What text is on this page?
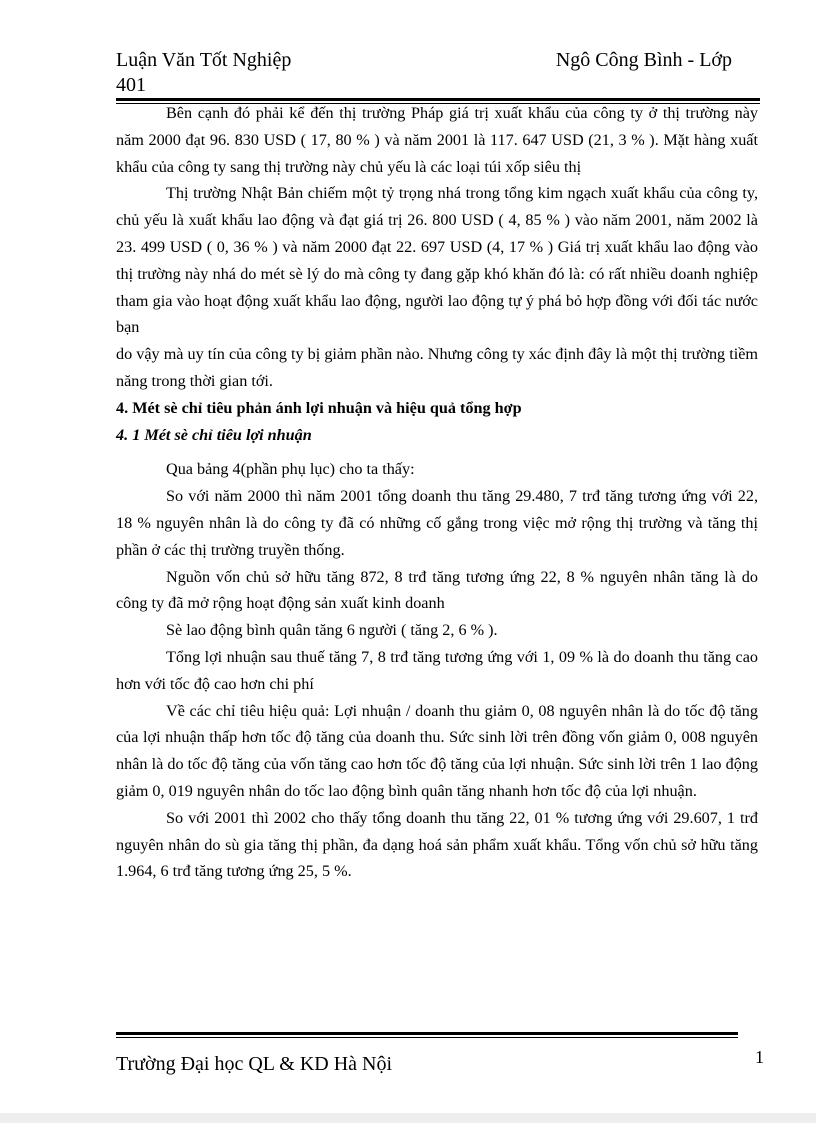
Luận Văn Tốt Nghiệp	Ngô Công Bình - Lớp
401

Bên cạnh đó phải kể đến thị trường Pháp giá trị xuất khẩu của công ty ở thị trường này năm 2000 đạt 96. 830 USD ( 17, 80 % ) và năm 2001 là 117. 647 USD (21, 3 % ). Mặt hàng xuất khẩu của công ty sang thị trường này chủ yếu là các loại túi xốp siêu thị

Thị trường Nhật Bản chiếm một tỷ trọng nhá trong tổng kim ngạch xuất khẩu của công ty, chủ yếu là xuất khẩu lao động và đạt giá trị 26. 800 USD ( 4, 85 % ) vào năm 2001, năm 2002 là 23. 499 USD ( 0, 36 % ) và năm 2000 đạt 22. 697 USD (4, 17 % ) Giá trị xuất khẩu lao động vào thị trường này nhá do mét sè lý do mà công ty đang gặp khó khăn đó là: có rất nhiều doanh nghiệp tham gia vào hoạt động xuất khẩu lao động, người lao động tự ý phá bỏ hợp đồng với đối tác nước bạn

do vậy mà uy tín của công ty bị giảm phần nào. Nhưng công ty xác định đây là một thị trường tiềm năng trong thời gian tới.

4. Mét sè chỉ tiêu phản ánh lợi nhuận và hiệu quả tổng hợp
4. 1 Mét sè chỉ tiêu lợi nhuận

Qua bảng 4(phần phụ lục) cho ta thấy:

So với năm 2000 thì năm 2001 tổng doanh thu tăng 29.480, 7 trđ tăng tương ứng với 22, 18 % nguyên nhân là do công ty đã có những cố gắng trong việc mở rộng thị trường và tăng thị phần ở các thị trường truyền thống.

Nguồn vốn chủ sở hữu tăng 872, 8 trđ tăng tương ứng 22, 8 % nguyên nhân tăng là do công ty đã mở rộng hoạt động sản xuất kinh doanh

Sè lao động bình quân tăng 6 người ( tăng 2, 6 % ).

Tổng lợi nhuận sau thuế tăng 7, 8 trđ tăng tương ứng với 1, 09 % là do doanh thu tăng cao hơn với tốc độ cao hơn chi phí

Về các chỉ tiêu hiệu quả: Lợi nhuận / doanh thu giảm 0, 08 nguyên nhân là do tốc độ tăng của lợi nhuận thấp hơn tốc độ tăng của doanh thu. Sức sinh lời trên đồng vốn giảm 0, 008 nguyên nhân là do tốc độ tăng của vốn tăng cao hơn tốc độ tăng của lợi nhuận. Sức sinh lời trên 1 lao động giảm 0, 019 nguyên nhân do tốc lao động bình quân tăng nhanh hơn tốc độ của lợi nhuận.

So với 2001 thì 2002 cho thấy tổng doanh thu tăng 22, 01 % tương ứng với 29.607, 1 trđ nguyên nhân do sù gia tăng thị phần, đa dạng hoá sản phẩm xuất khẩu. Tổng vốn chủ sở hữu tăng 1.964, 6 trđ tăng tương ứng 25, 5 %.

Trường Đại học QL & KD Hà Nội	1
